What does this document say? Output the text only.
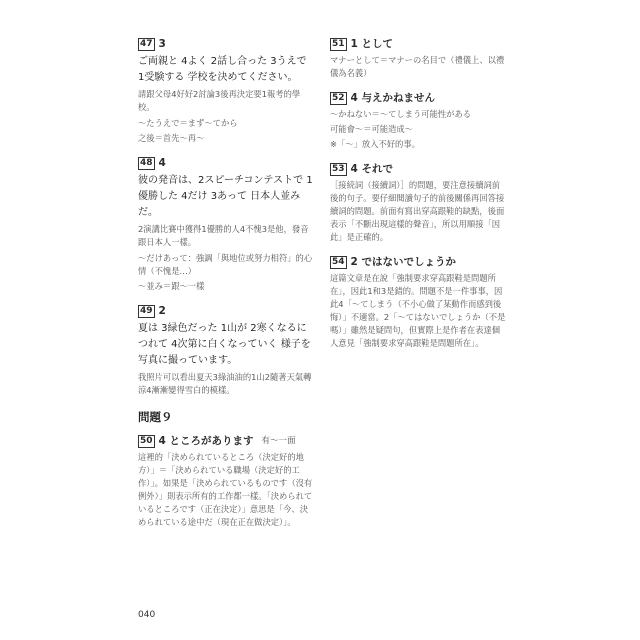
47 3

ご両親と 4よく 2話し合った 3うえで 1受験する 学校を決めてください。

請跟父母4好好2討論3後再決定要1報考的學校。

～たうえで＝まず～てから

之後＝首先～再～

48 4

彼の発音は、2スピーチコンテストで 1優勝した 4だけ 3あって 日本人並みだ。

2演講比賽中獲得1優勝的人4不愧3是他，發音跟日本人一樣。

～だけあって：強調「與地位或努力相符」的心情（不愧是…）

～並み＝跟～一樣

49 2

夏は 3緑色だった 1山が 2寒くなるにつれて 4次第に白くなっていく 様子を写真に撮っています。

我照片可以看出夏天3綠油油的1山2隨著天氣轉涼4漸漸變得雪白的模樣。

問題９
50 4 ところがあります 有～一面

這裡的「決められているところ（決定好的地方）」＝「決められている職場（決定好的工作）」。如果是「決められているものです（沒有例外）」則表示所有的工作都一樣。「決められているところです（正在決定）」意思是「今、決められている途中だ（現在正在做決定）」。

51 1 として

マナーとして＝マナーの名目で（禮儀上、以禮儀為名義）

52 4 与えかねません

～かねない＝～てしまう可能性がある

可能會～＝可能造成～

※「～」放入不好的事。

53 4 それで

［接続詞（接續詞）］的問題，要注意接續詞前後的句子。要仔細閱讀句子的前後關係再回答接續詞的問題。前面有寫出穿高跟鞋的缺點，後面表示「不斷出現這樣的聲音」，所以用順接「因此」是正確的。

54 2 ではないでしょうか

這篇文章是在說「強制要求穿高跟鞋是問題所在」，因此1和3是錯的。問題不是一件事事，因此4「～てしまう（不小心做了某動作而感到後悔）」不適當。2「～てはないでしょうか（不是嗎）」雖然是疑問句，但實際上是作者在表達個人意見「強制要求穿高跟鞋是問題所在」。

040
